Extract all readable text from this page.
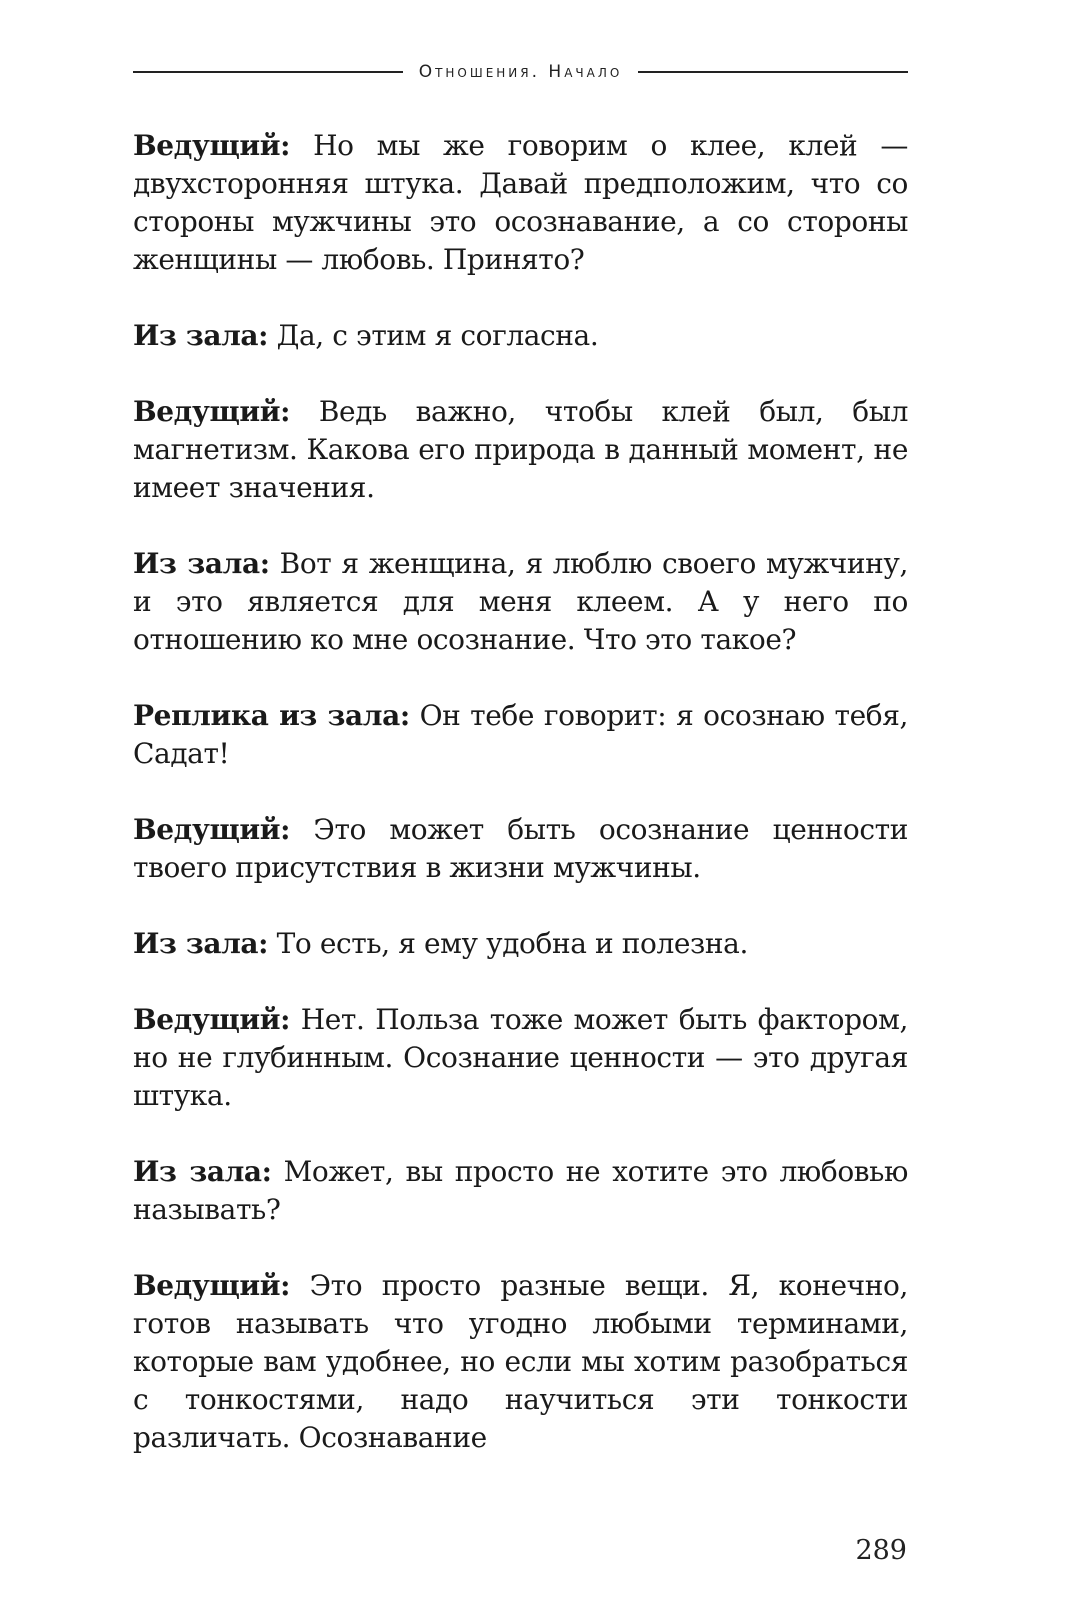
Отношения. Начало

Ведущий: Но мы же говорим о клее, клей — двухсторонняя штука. Давай предположим, что со стороны мужчины это осознавание, а со стороны женщины — любовь. Принято?

Из зала: Да, с этим я согласна.

Ведущий: Ведь важно, чтобы клей был, был магнетизм. Какова его природа в данный момент, не имеет значения.

Из зала: Вот я женщина, я люблю своего мужчину, и это является для меня клеем. А у него по отношению ко мне осознание. Что это такое?

Реплика из зала: Он тебе говорит: я осознаю тебя, Садат!

Ведущий: Это может быть осознание ценности твоего присутствия в жизни мужчины.

Из зала: То есть, я ему удобна и полезна.

Ведущий: Нет. Польза тоже может быть фактором, но не глубинным. Осознание ценности — это другая штука.

Из зала: Может, вы просто не хотите это любовью называть?

Ведущий: Это просто разные вещи. Я, конечно, готов называть что угодно любыми терминами, которые вам удобнее, но если мы хотим разобраться с тонкостями, надо научиться эти тонкости различать. Осознавание

289
